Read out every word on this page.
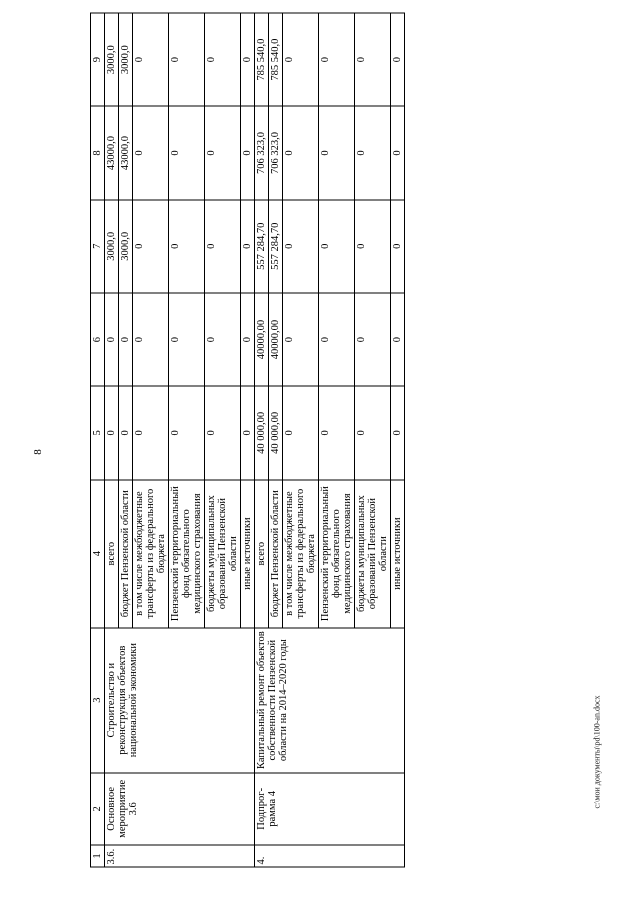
8
c:\мои документы\pd\100-an.docx
1	2	3	4	5	6	7	8	9
3.6.	Основное мероприятие 3.6	Строительство и реконструкция объектов национальной экономики	всего	0	0	3000,0	43000,0	3000,0
			бюджет Пензенской области	0	0	3000,0	43000,0	3000,0
			в том числе межбюджетные трансферты из федерального бюджета	0	0	0	0	0
			Пензенский территориальный фонд обязательного медицинского страхования	0	0	0	0	0
			бюджеты муниципальных образований Пензенской области	0	0	0	0	0
			иные источники	0	0	0	0	0
4.	Подпрог-рамма 4	Капитальный ремонт объектов собственности Пензенской области на 2014–2020 годы	всего	40 000,00	40000,00	557 284,70	706 323,0	785 540,0
			бюджет Пензенской области	40 000,00	40000,00	557 284,70	706 323,0	785 540,0
			в том числе межбюджетные трансферты из федерального бюджета	0	0	0	0	0
			Пензенский территориальный фонд обязательного медицинского страхования	0	0	0	0	0
			бюджеты муниципальных образований Пензенской области	0	0	0	0	0
			иные источники	0	0	0	0	0
